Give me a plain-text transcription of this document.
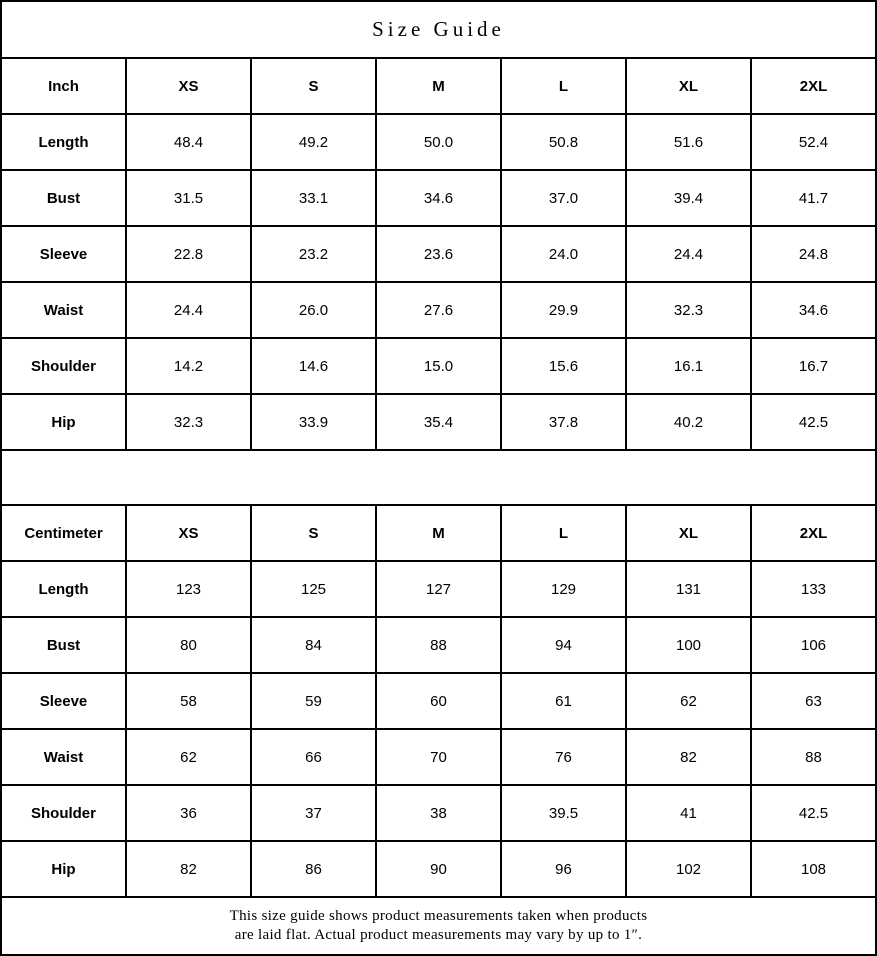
Size Guide
Inch	XS	S	M	L	XL	2XL
Length	48.4	49.2	50.0	50.8	51.6	52.4
Bust	31.5	33.1	34.6	37.0	39.4	41.7
Sleeve	22.8	23.2	23.6	24.0	24.4	24.8
Waist	24.4	26.0	27.6	29.9	32.3	34.6
Shoulder	14.2	14.6	15.0	15.6	16.1	16.7
Hip	32.3	33.9	35.4	37.8	40.2	42.5
Centimeter	XS	S	M	L	XL	2XL
Length	123	125	127	129	131	133
Bust	80	84	88	94	100	106
Sleeve	58	59	60	61	62	63
Waist	62	66	70	76	82	88
Shoulder	36	37	38	39.5	41	42.5
Hip	82	86	90	96	102	108
This size guide shows product measurements taken when products
are laid flat. Actual product measurements may vary by up to 1″.
